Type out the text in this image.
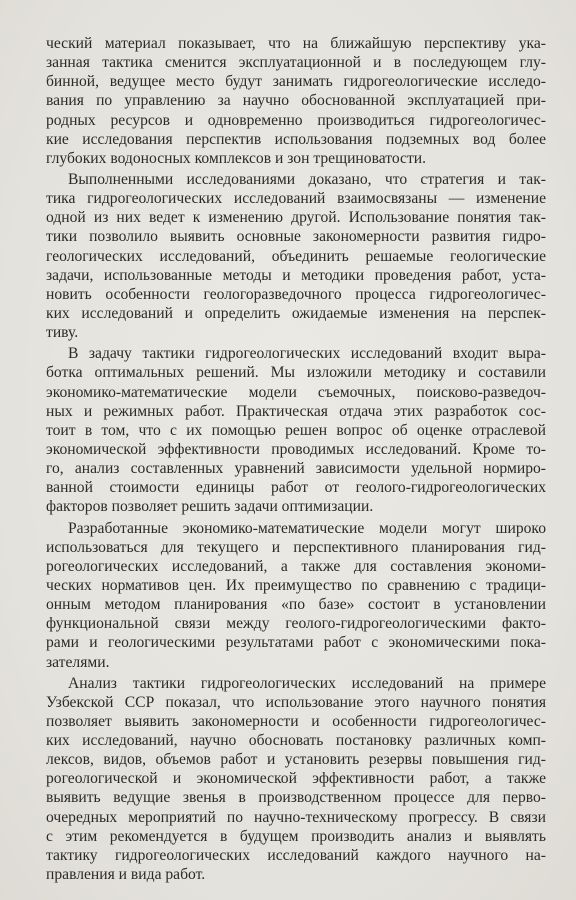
ческий материал показывает, что на ближайшую перспективу ука-
занная тактика сменится эксплуатационной и в последующем глу-
бинной, ведущее место будут занимать гидрогеологические исследо-
вания по управлению за научно обоснованной эксплуатацией при-
родных ресурсов и одновременно производиться гидрогеологичес-
кие исследования перспектив использования подземных вод более
глубоких водоносных комплексов и зон трещиноватости.

Выполненными исследованиями доказано, что стратегия и так-
тика гидрогеологических исследований взаимосвязаны — изменение
одной из них ведет к изменению другой. Использование понятия так-
тики позволило выявить основные закономерности развития гидро-
геологических исследований, объединить решаемые геологические
задачи, использованные методы и методики проведения работ, уста-
новить особенности геологоразведочного процесса гидрогеологичес-
ких исследований и определить ожидаемые изменения на перспек-
тиву.

В задачу тактики гидрогеологических исследований входит выра-
ботка оптимальных решений. Мы изложили методику и составили
экономико-математические модели съемочных, поисково-разведоч-
ных и режимных работ. Практическая отдача этих разработок сос-
тоит в том, что с их помощью решен вопрос об оценке отраслевой
экономической эффективности проводимых исследований. Кроме то-
го, анализ составленных уравнений зависимости удельной нормиро-
ванной стоимости единицы работ от геолого-гидрогеологических
факторов позволяет решить задачи оптимизации.

Разработанные экономико-математические модели могут широко
использоваться для текущего и перспективного планирования гид-
рогеологических исследований, а также для составления экономи-
ческих нормативов цен. Их преимущество по сравнению с традици-
онным методом планирования «по базе» состоит в установлении
функциональной связи между геолого-гидрогеологическими факто-
рами и геологическими результатами работ с экономическими пока-
зателями.

Анализ тактики гидрогеологических исследований на примере
Узбекской ССР показал, что использование этого научного понятия
позволяет выявить закономерности и особенности гидрогеологичес-
ких исследований, научно обосновать постановку различных комп-
лексов, видов, объемов работ и установить резервы повышения гид-
рогеологической и экономической эффективности работ, а также
выявить ведущие звенья в производственном процессе для перво-
очередных мероприятий по научно-техническому прогрессу. В связи
с этим рекомендуется в будущем производить анализ и выявлять
тактику гидрогеологических исследований каждого научного на-
правления и вида работ.
